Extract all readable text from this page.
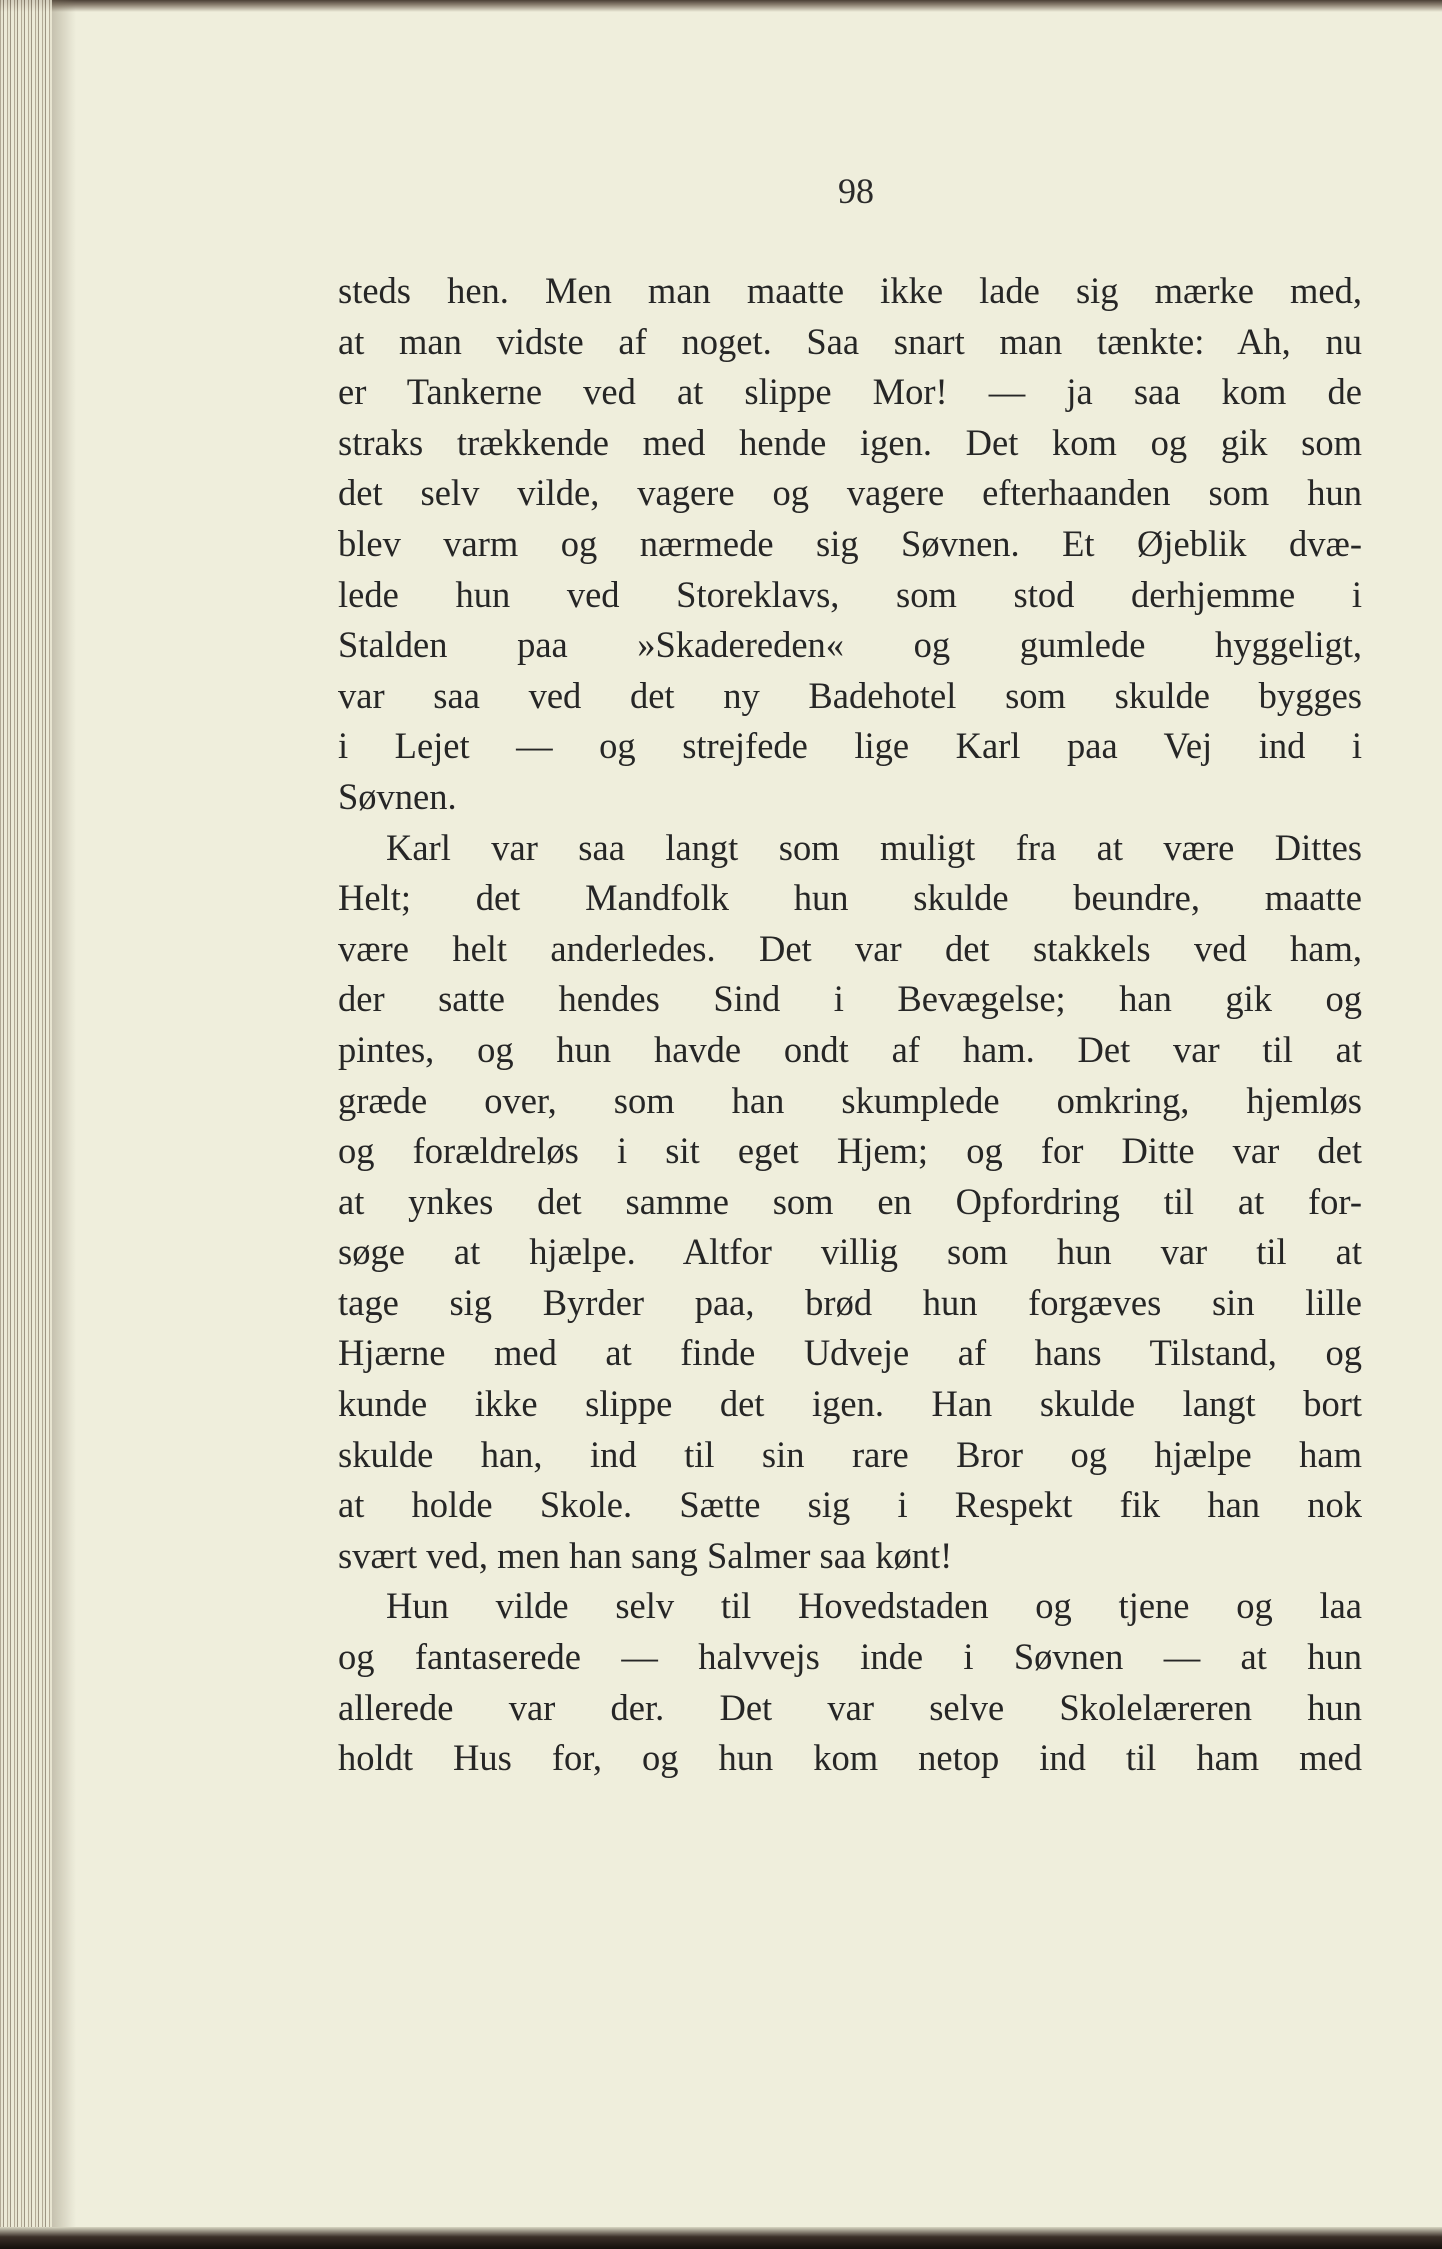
98
steds hen. Men man maatte ikke lade sig mærke med,
at man vidste af noget. Saa snart man tænkte: Ah, nu
er Tankerne ved at slippe Mor! — ja saa kom de
straks trækkende med hende igen. Det kom og gik som
det selv vilde, vagere og vagere efterhaanden som hun
blev varm og nærmede sig Søvnen. Et Øjeblik dvæ-
lede hun ved Storeklavs, som stod derhjemme i
Stalden paa »Skadereden« og gumlede hyggeligt,
var saa ved det ny Badehotel som skulde bygges
i Lejet — og strejfede lige Karl paa Vej ind i
Søvnen.
Karl var saa langt som muligt fra at være Dittes
Helt; det Mandfolk hun skulde beundre, maatte
være helt anderledes. Det var det stakkels ved ham,
der satte hendes Sind i Bevægelse; han gik og
pintes, og hun havde ondt af ham. Det var til at
græde over, som han skumplede omkring, hjemløs
og forældreløs i sit eget Hjem; og for Ditte var det
at ynkes det samme som en Opfordring til at for-
søge at hjælpe. Altfor villig som hun var til at
tage sig Byrder paa, brød hun forgæves sin lille
Hjærne med at finde Udveje af hans Tilstand, og
kunde ikke slippe det igen. Han skulde langt bort
skulde han, ind til sin rare Bror og hjælpe ham
at holde Skole. Sætte sig i Respekt fik han nok
svært ved, men han sang Salmer saa kønt!
Hun vilde selv til Hovedstaden og tjene og laa
og fantaserede — halvvejs inde i Søvnen — at hun
allerede var der. Det var selve Skolelæreren hun
holdt Hus for, og hun kom netop ind til ham med
